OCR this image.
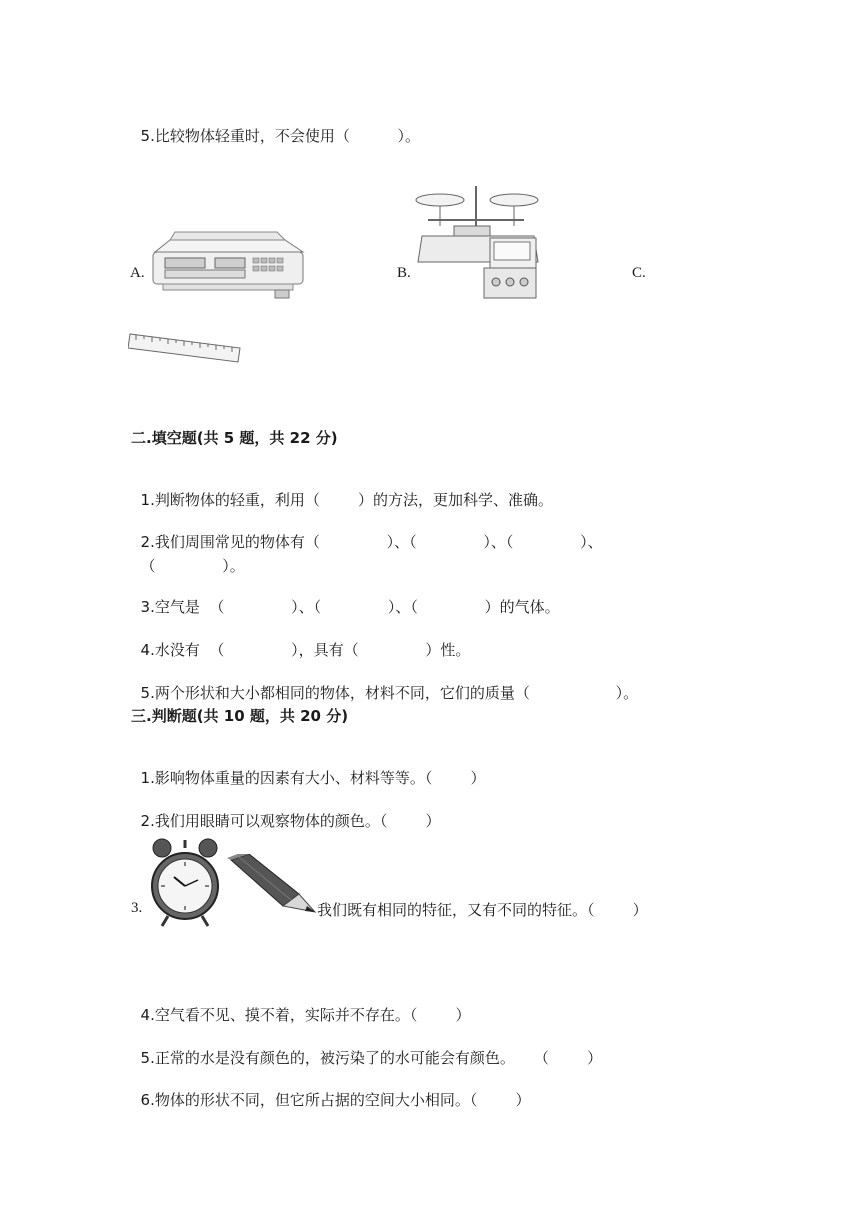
5.比较物体轻重时，不会使用（          ）。

A.	B.	C.
二.填空题(共 5 题，共 22 分)

1.判断物体的轻重，利用（        ）的方法，更加科学、准确。

2.我们周围常见的物体有（              ）、（              ）、（              ）、

（              ）。

3.空气是  （              ）、（              ）、（              ）的气体。

4.水没有  （              ），具有（              ）性。

5.两个形状和大小都相同的物体，材料不同，它们的质量（                  ）。

三.判断题(共 10 题，共 20 分)

1.影响物体重量的因素有大小、材料等等。（        ）

2.我们用眼睛可以观察物体的颜色。（        ）

3.	我们既有相同的特征，又有不同的特征。（        ）

4.空气看不见、摸不着，实际并不存在。（        ）

5.正常的水是没有颜色的，被污染了的水可能会有颜色。    （        ）

6.物体的形状不同，但它所占据的空间大小相同。（        ）
